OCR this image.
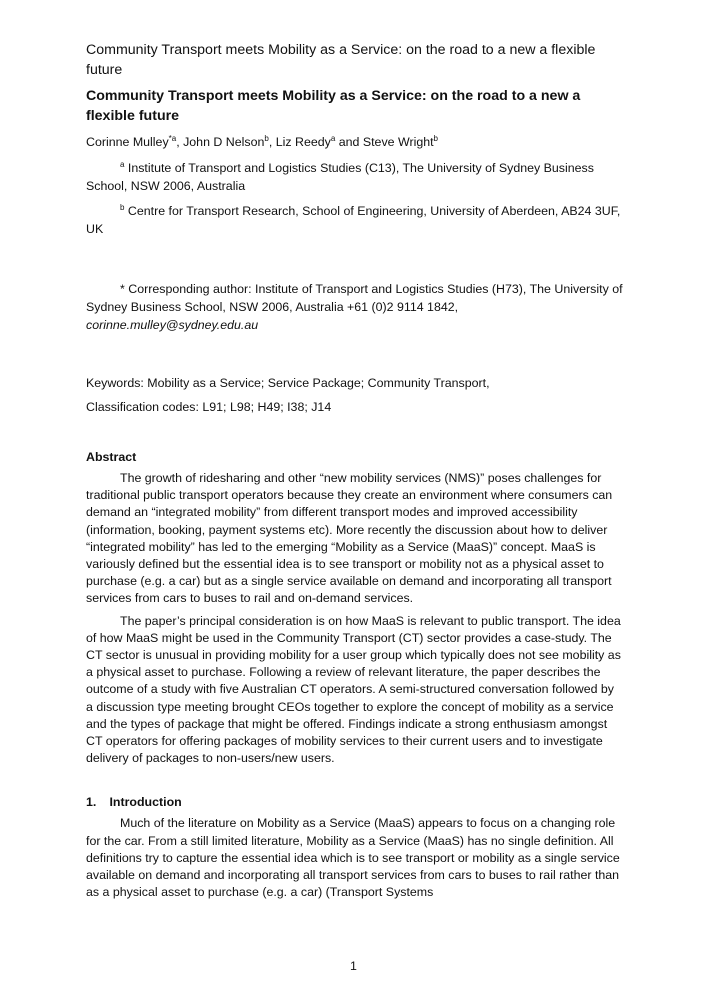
Community Transport meets Mobility as a Service: on the road to a new a flexible future

Community Transport meets Mobility as a Service: on the road to a new a flexible future

Corinne Mulley$^{*a}$, John D Nelson$^b$, Liz Reedy$^a$ and Steve Wright$^b$

$^a$ Institute of Transport and Logistics Studies (C13), The University of Sydney Business School, NSW 2006, Australia

$^b$ Centre for Transport Research, School of Engineering, University of Aberdeen, AB24 3UF, UK

* Corresponding author: Institute of Transport and Logistics Studies (H73), The University of Sydney Business School, NSW 2006, Australia +61 (0)2 9114 1842, corinne.mulley@sydney.edu.au

Keywords: Mobility as a Service; Service Package; Community Transport,

Classification codes: L91; L98; H49; I38; J14

Abstract

The growth of ridesharing and other “new mobility services (NMS)” poses challenges for traditional public transport operators because they create an environment where consumers can demand an “integrated mobility” from different transport modes and improved accessibility (information, booking, payment systems etc). More recently the discussion about how to deliver “integrated mobility” has led to the emerging “Mobility as a Service (MaaS)” concept. MaaS is variously defined but the essential idea is to see transport or mobility not as a physical asset to purchase (e.g. a car) but as a single service available on demand and incorporating all transport services from cars to buses to rail and on-demand services.

The paper’s principal consideration is on how MaaS is relevant to public transport. The idea of how MaaS might be used in the Community Transport (CT) sector provides a case-study. The CT sector is unusual in providing mobility for a user group which typically does not see mobility as a physical asset to purchase. Following a review of relevant literature, the paper describes the outcome of a study with five Australian CT operators. A semi-structured conversation followed by a discussion type meeting brought CEOs together to explore the concept of mobility as a service and the types of package that might be offered. Findings indicate a strong enthusiasm amongst CT operators for offering packages of mobility services to their current users and to investigate delivery of packages to non-users/new users.

1. Introduction

Much of the literature on Mobility as a Service (MaaS) appears to focus on a changing role for the car. From a still limited literature, Mobility as a Service (MaaS) has no single definition. All definitions try to capture the essential idea which is to see transport or mobility as a single service available on demand and incorporating all transport services from cars to buses to rail rather than as a physical asset to purchase (e.g. a car) (Transport Systems

1
